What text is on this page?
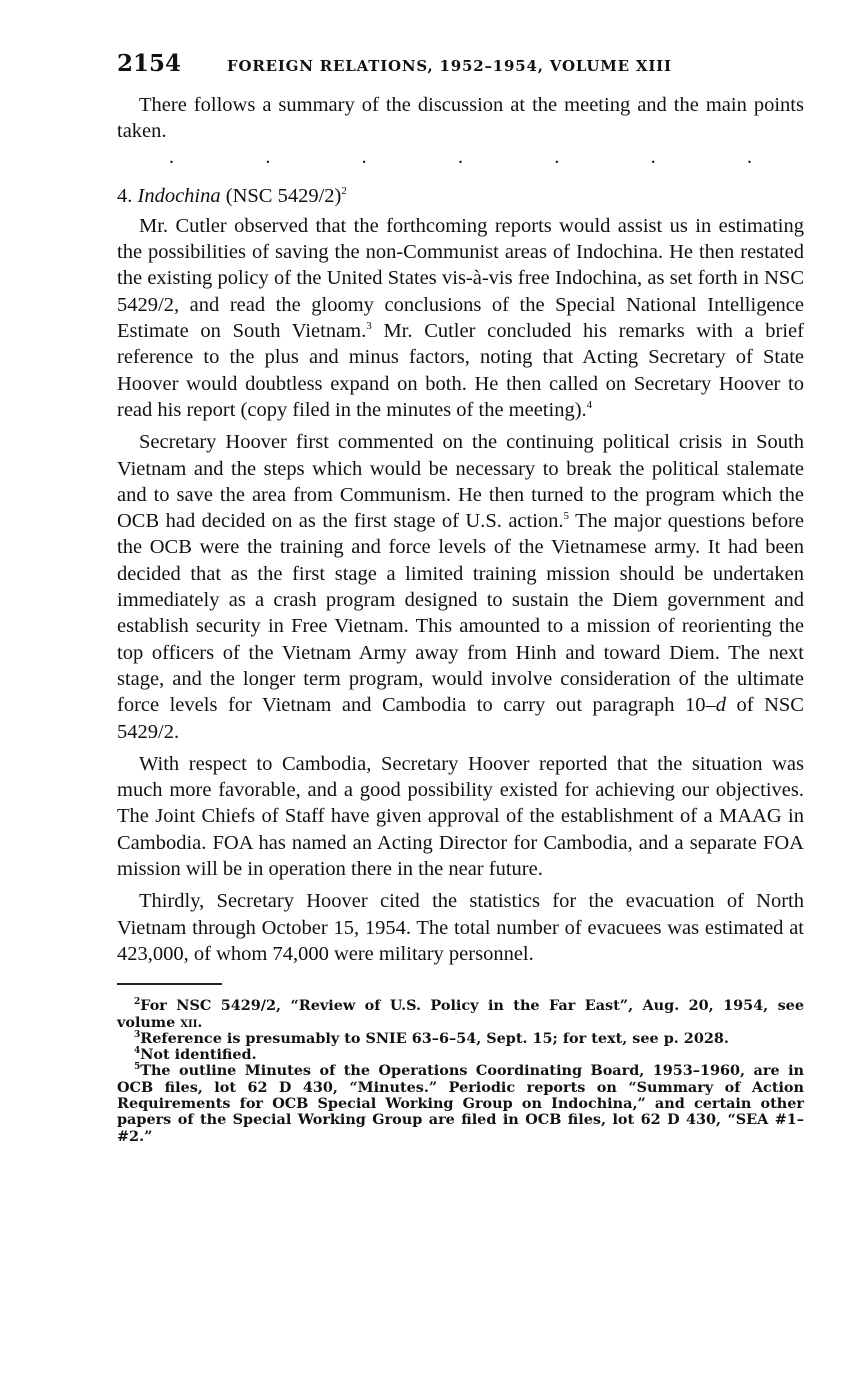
2154	FOREIGN RELATIONS, 1952–1954, VOLUME XIII

There follows a summary of the discussion at the meeting and the main points taken.

.	.	.	.	.	.	.
4. Indochina (NSC 5429/2)$^2$

Mr. Cutler observed that the forthcoming reports would assist us in estimating the possibilities of saving the non-Communist areas of Indochina. He then restated the existing policy of the United States vis-à-vis free Indochina, as set forth in NSC 5429/2, and read the gloomy conclusions of the Special National Intelligence Estimate on South Vietnam.$^3$ Mr. Cutler concluded his remarks with a brief reference to the plus and minus factors, noting that Acting Secretary of State Hoover would doubtless expand on both. He then called on Secretary Hoover to read his report (copy filed in the minutes of the meeting).$^4$

Secretary Hoover first commented on the continuing political crisis in South Vietnam and the steps which would be necessary to break the political stalemate and to save the area from Communism. He then turned to the program which the OCB had decided on as the first stage of U.S. action.$^5$ The major questions before the OCB were the training and force levels of the Vietnamese army. It had been decided that as the first stage a limited training mission should be undertaken immediately as a crash program designed to sustain the Diem government and establish security in Free Vietnam. This amounted to a mission of reorienting the top officers of the Vietnam Army away from Hinh and toward Diem. The next stage, and the longer term program, would involve consideration of the ultimate force levels for Vietnam and Cambodia to carry out paragraph 10–d of NSC 5429/2.

With respect to Cambodia, Secretary Hoover reported that the situation was much more favorable, and a good possibility existed for achieving our objectives. The Joint Chiefs of Staff have given approval of the establishment of a MAAG in Cambodia. FOA has named an Acting Director for Cambodia, and a separate FOA mission will be in operation there in the near future.

Thirdly, Secretary Hoover cited the statistics for the evacuation of North Vietnam through October 15, 1954. The total number of evacuees was estimated at 423,000, of whom 74,000 were military personnel.

$^2$For NSC 5429/2, “Review of U.S. Policy in the Far East”, Aug. 20, 1954, see volume xii.

$^3$Reference is presumably to SNIE 63–6–54, Sept. 15; for text, see p. 2028.

$^4$Not identified.

$^5$The outline Minutes of the Operations Coordinating Board, 1953–1960, are in OCB files, lot 62 D 430, “Minutes.” Periodic reports on “Summary of Action Requirements for OCB Special Working Group on Indochina,” and certain other papers of the Special Working Group are filed in OCB files, lot 62 D 430, “SEA #1–#2.”
